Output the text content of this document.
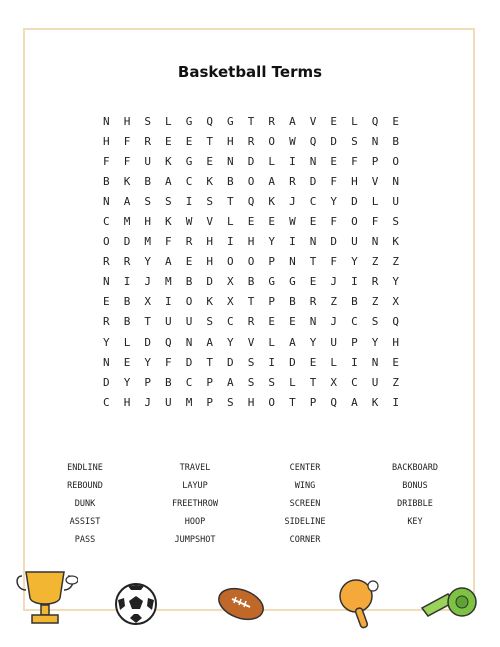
Basketball Terms
N	H	S	L	G	Q	G	T	R	A	V	E	L	Q	E
H	F	R	E	E	T	H	R	O	W	Q	D	S	N	B
F	F	U	K	G	E	N	D	L	I	N	E	F	P	O
B	K	B	A	C	K	B	O	A	R	D	F	H	V	N
N	A	S	S	I	S	T	Q	K	J	C	Y	D	L	U
C	M	H	K	W	V	L	E	E	W	E	F	O	F	S
O	D	M	F	R	H	I	H	Y	I	N	D	U	N	K
R	R	Y	A	E	H	O	O	P	N	T	F	Y	Z	Z
N	I	J	M	B	D	X	B	G	G	E	J	I	R	Y
E	B	X	I	O	K	X	T	P	B	R	Z	B	Z	X
R	B	T	U	U	S	C	R	E	E	N	J	C	S	Q
Y	L	D	Q	N	A	Y	V	L	A	Y	U	P	Y	H
N	E	Y	F	D	T	D	S	I	D	E	L	I	N	E
D	Y	P	B	C	P	A	S	S	L	T	X	C	U	Z
C	H	J	U	M	P	S	H	O	T	P	Q	A	K	I
ENDLINE	TRAVEL	CENTER	BACKBOARD
REBOUND	LAYUP	WING	BONUS
DUNK	FREETHROW	SCREEN	DRIBBLE
ASSIST	HOOP	SIDELINE	KEY
PASS	JUMPSHOT	CORNER
